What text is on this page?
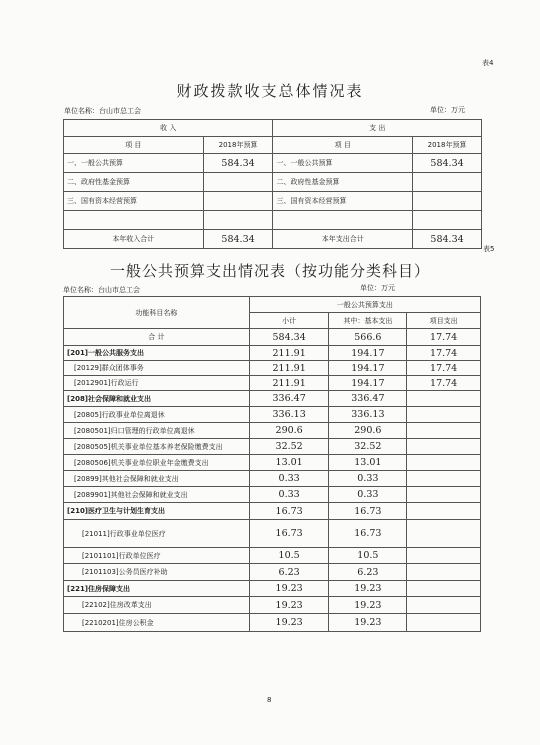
表4
财政拨款收支总体情况表
单位名称：台山市总工会	单位：万元
收 入		支 出	
项 目	2018年预算	项 目	2018年预算
一、一般公共预算	584.34	一、一般公共预算	584.34
二、政府性基金预算		二、政府性基金预算	
三、国有资本经营预算		三、国有资本经营预算	

本年收入合计	584.34	本年支出合计	584.34
表5
一般公共预算支出情况表（按功能分类科目）
单位名称：台山市总工会	单位：万元
功能科目名称	一般公共预算支出		
	小计	其中：基本支出	项目支出
合 计	584.34	566.6	17.74
[201]一般公共服务支出	211.91	194.17	17.74
[20129]群众团体事务	211.91	194.17	17.74
[2012901]行政运行	211.91	194.17	17.74
[208]社会保障和就业支出	336.47	336.47	
[20805]行政事业单位离退休	336.13	336.13	
[2080501]归口管理的行政单位离退休	290.6	290.6	
[2080505]机关事业单位基本养老保险缴费支出	32.52	32.52	
[2080506]机关事业单位职业年金缴费支出	13.01	13.01	
[20899]其他社会保障和就业支出	0.33	0.33	
[2089901]其他社会保障和就业支出	0.33	0.33	
[210]医疗卫生与计划生育支出	16.73	16.73	
[21011]行政事业单位医疗	16.73	16.73	
[2101101]行政单位医疗	10.5	10.5	
[2101103]公务员医疗补助	6.23	6.23	
[221]住房保障支出	19.23	19.23	
[22102]住房改革支出	19.23	19.23	
[2210201]住房公积金	19.23	19.23	
8
